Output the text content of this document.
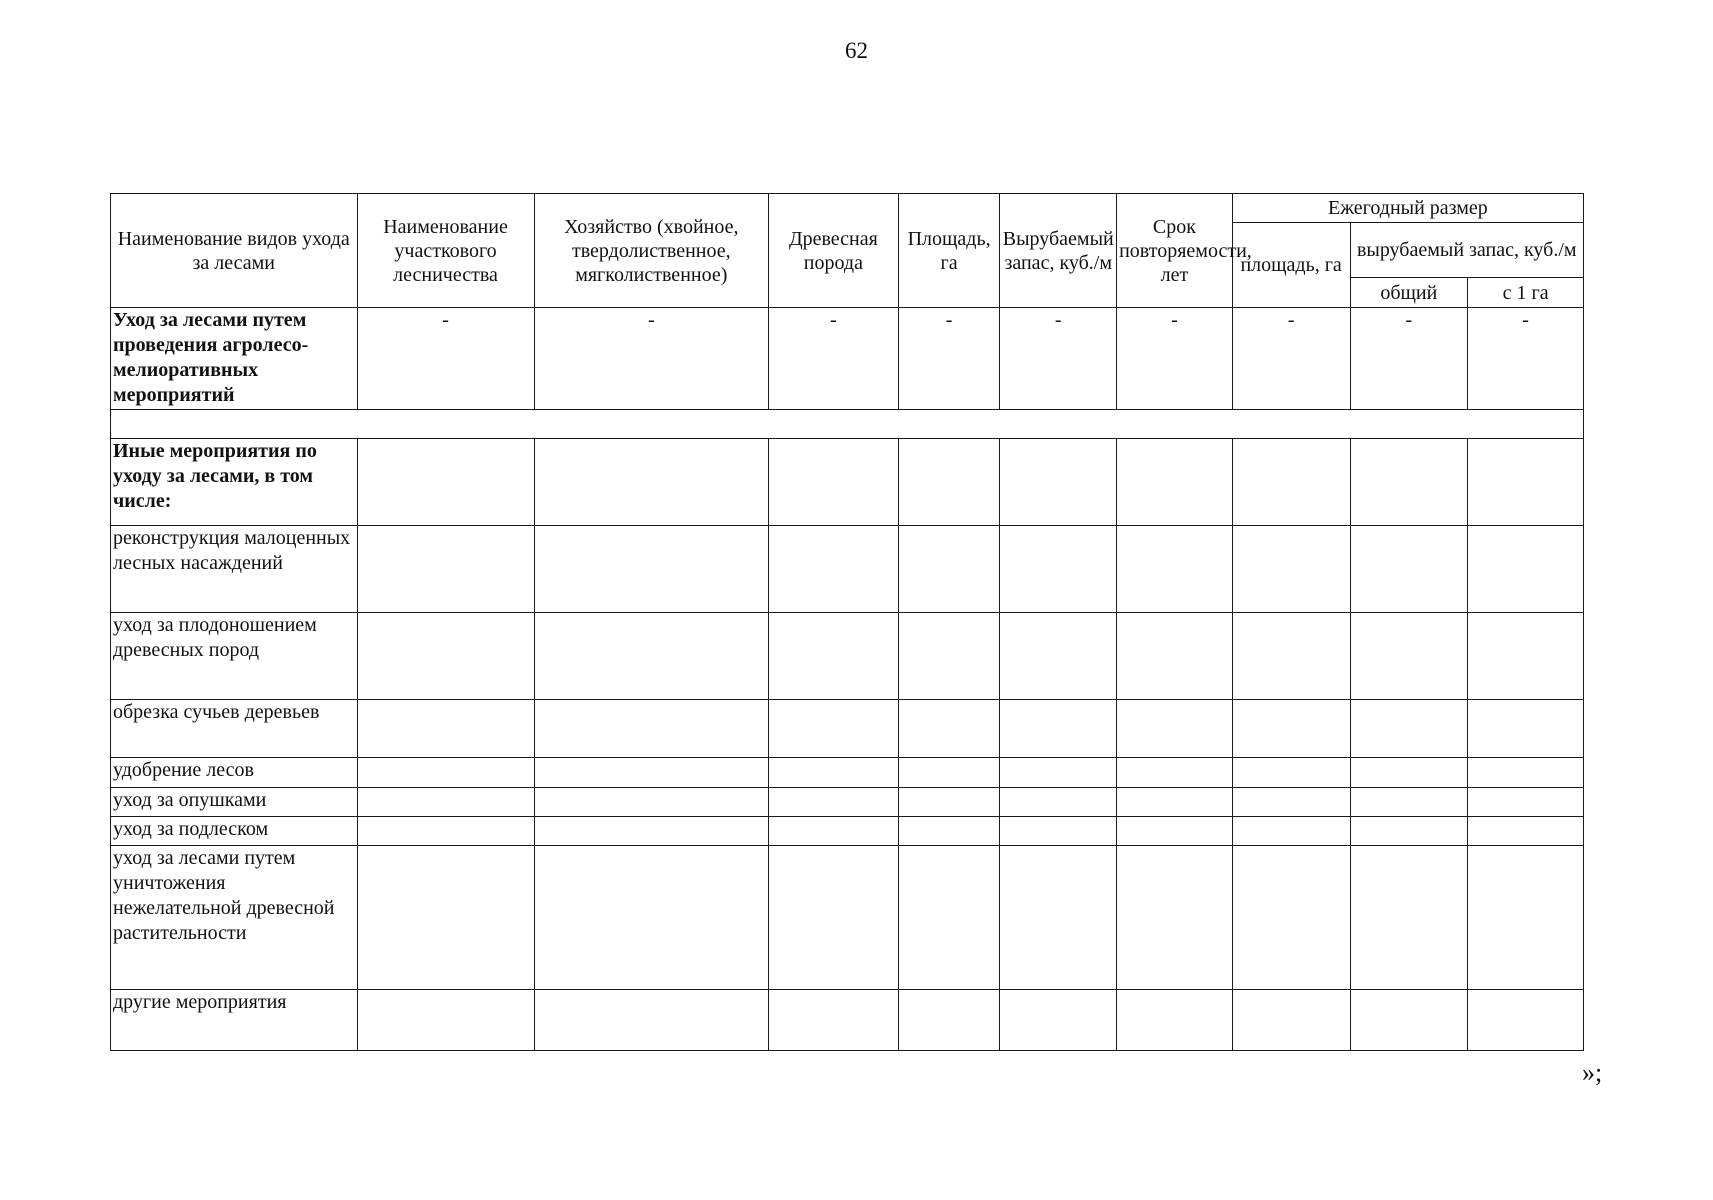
62
Наименование видов ухода за лесами	Наименование участкового лесничества	Хозяйство (хвойное, твердолиственное, мягколиственное)	Древесная порода	Площадь, га	Вырубаемый запас, куб./м	Срок повторяемости, лет	Ежегодный размер		
							площадь, га	вырубаемый запас, куб./м	
								общий	с 1 га
Уход за лесами путем проведения агролесо-мелиоративных мероприятий	-	-	-	-	-	-	-	-	-

Иные мероприятия по уходу за лесами, в том числе:									
реконструкция малоценных лесных насаждений									
уход за плодоношением древесных пород									
обрезка сучьев деревьев									
удобрение лесов									
уход за опушками									
уход за подлеском									
уход за лесами путем уничтожения нежелательной древесной растительности									
другие мероприятия									
»;
